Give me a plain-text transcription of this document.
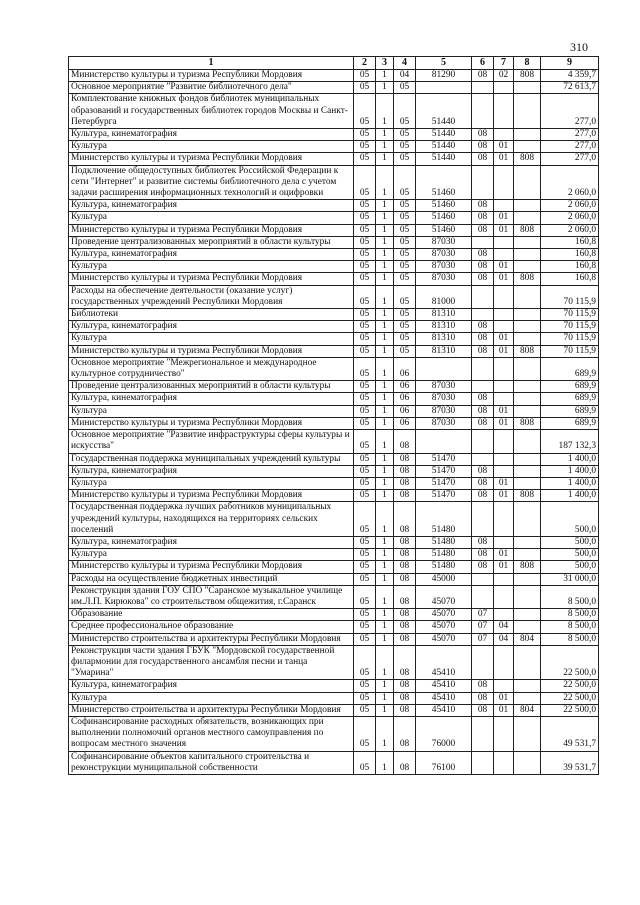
310
1	2	3	4	5	6	7	8	9
Министерство культуры и туризма Республики Мордовия	05	1	04	81290	08	02	808	4 359,7
Основное мероприятие "Развитие библиотечного дела"	05	1	05					72 613,7
Комплектование книжных фондов библиотек муниципальных образований и государственных библиотек городов Москвы и Санкт-Петербурга	05	1	05	51440				277,0
Культура, кинематография	05	1	05	51440	08			277,0
Культура	05	1	05	51440	08	01		277,0
Министерство культуры и туризма Республики Мордовия	05	1	05	51440	08	01	808	277,0
Подключение общедоступных библиотек Российской Федерации к сети "Интернет" и развитие системы библиотечного дела с учетом задачи расширения информационных технологий и оцифровки	05	1	05	51460				2 060,0
Культура, кинематография	05	1	05	51460	08			2 060,0
Культура	05	1	05	51460	08	01		2 060,0
Министерство культуры и туризма Республики Мордовия	05	1	05	51460	08	01	808	2 060,0
Проведение централизованных мероприятий в области культуры	05	1	05	87030				160,8
Культура, кинематография	05	1	05	87030	08			160,8
Культура	05	1	05	87030	08	01		160,8
Министерство культуры и туризма Республики Мордовия	05	1	05	87030	08	01	808	160,8
Расходы на обеспечение деятельности (оказание услуг) государственных учреждений Республики Мордовия	05	1	05	81000				70 115,9
Библиотеки	05	1	05	81310				70 115,9
Культура, кинематография	05	1	05	81310	08			70 115,9
Культура	05	1	05	81310	08	01		70 115,9
Министерство культуры и туризма Республики Мордовия	05	1	05	81310	08	01	808	70 115,9
Основное мероприятие "Межрегиональное и международное культурное сотрудничество"	05	1	06					689,9
Проведение централизованных мероприятий в области культуры	05	1	06	87030				689,9
Культура, кинематография	05	1	06	87030	08			689,9
Культура	05	1	06	87030	08	01		689,9
Министерство культуры и туризма Республики Мордовия	05	1	06	87030	08	01	808	689,9
Основное мероприятие "Развитие инфраструктуры сферы культуры и искусства"	05	1	08					187 132,3
Государственная поддержка муниципальных учреждений культуры	05	1	08	51470				1 400,0
Культура, кинематография	05	1	08	51470	08			1 400,0
Культура	05	1	08	51470	08	01		1 400,0
Министерство культуры и туризма Республики Мордовия	05	1	08	51470	08	01	808	1 400,0
Государственная поддержка лучших работников муниципальных учреждений культуры, находящихся на территориях сельских поселений	05	1	08	51480				500,0
Культура, кинематография	05	1	08	51480	08			500,0
Культура	05	1	08	51480	08	01		500,0
Министерство культуры и туризма Республики Мордовия	05	1	08	51480	08	01	808	500,0
Расходы на осуществление бюджетных инвестиций	05	1	08	45000				31 000,0
Реконструкция здания ГОУ СПО "Саранское музыкальное училище им.Л.П. Кирюкова" со строительством общежития, г.Саранск	05	1	08	45070				8 500,0
Образование	05	1	08	45070	07			8 500,0
Среднее профессиональное образование	05	1	08	45070	07	04		8 500,0
Министерство строительства и архитектуры Республики Мордовия	05	1	08	45070	07	04	804	8 500,0
Реконструкция части здания ГБУК "Мордовской государственной филармонии для государственного ансамбля песни и танца "Умарина"	05	1	08	45410				22 500,0
Культура, кинематография	05	1	08	45410	08			22 500,0
Культура	05	1	08	45410	08	01		22 500,0
Министерство строительства и архитектуры Республики Мордовия	05	1	08	45410	08	01	804	22 500,0
Софинансирование расходных обязательств, возникающих при выполнении полномочий органов местного самоуправления по вопросам местного значения	05	1	08	76000				49 531,7
Софинансирование объектов капитального строительства и реконструкции муниципальной собственности	05	1	08	76100				39 531,7
